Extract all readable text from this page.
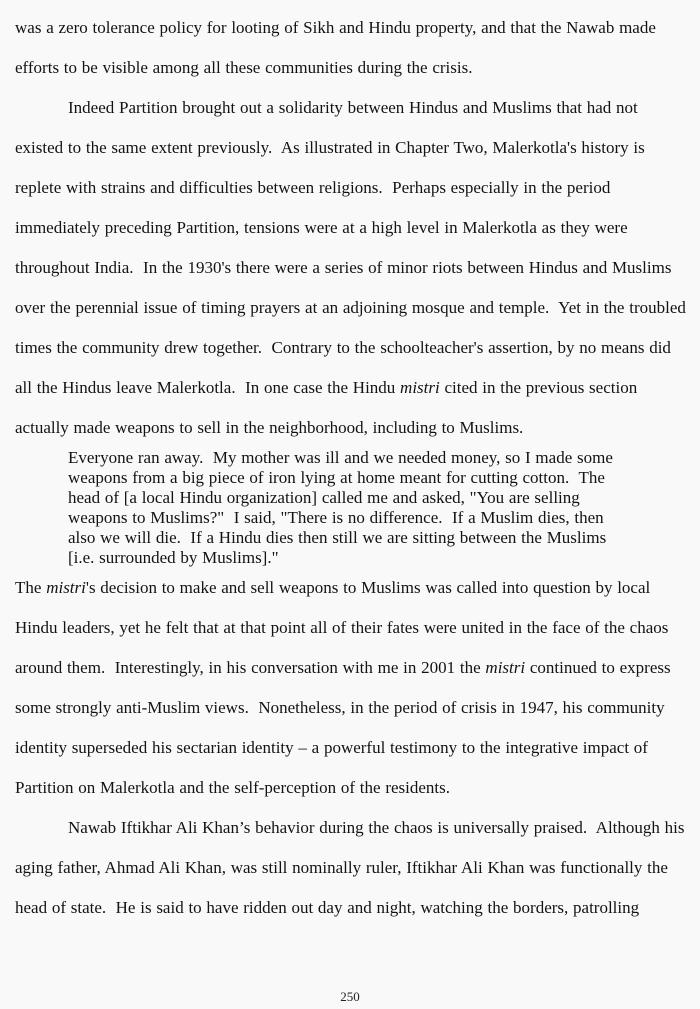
was a zero tolerance policy for looting of Sikh and Hindu property, and that the Nawab made efforts to be visible among all these communities during the crisis.

Indeed Partition brought out a solidarity between Hindus and Muslims that had not existed to the same extent previously.  As illustrated in Chapter Two, Malerkotla's history is replete with strains and difficulties between religions.  Perhaps especially in the period immediately preceding Partition, tensions were at a high level in Malerkotla as they were throughout India.  In the 1930's there were a series of minor riots between Hindus and Muslims over the perennial issue of timing prayers at an adjoining mosque and temple.  Yet in the troubled times the community drew together.  Contrary to the schoolteacher's assertion, by no means did all the Hindus leave Malerkotla.  In one case the Hindu mistri cited in the previous section actually made weapons to sell in the neighborhood, including to Muslims.

Everyone ran away.  My mother was ill and we needed money, so I made some weapons from a big piece of iron lying at home meant for cutting cotton.  The head of [a local Hindu organization] called me and asked, "You are selling weapons to Muslims?"  I said, "There is no difference.  If a Muslim dies, then also we will die.  If a Hindu dies then still we are sitting between the Muslims [i.e. surrounded by Muslims]."

The mistri's decision to make and sell weapons to Muslims was called into question by local Hindu leaders, yet he felt that at that point all of their fates were united in the face of the chaos around them.  Interestingly, in his conversation with me in 2001 the mistri continued to express some strongly anti-Muslim views.  Nonetheless, in the period of crisis in 1947, his community identity superseded his sectarian identity – a powerful testimony to the integrative impact of Partition on Malerkotla and the self-perception of the residents.

Nawab Iftikhar Ali Khan’s behavior during the chaos is universally praised.  Although his aging father, Ahmad Ali Khan, was still nominally ruler, Iftikhar Ali Khan was functionally the head of state.  He is said to have ridden out day and night, watching the borders, patrolling

250
